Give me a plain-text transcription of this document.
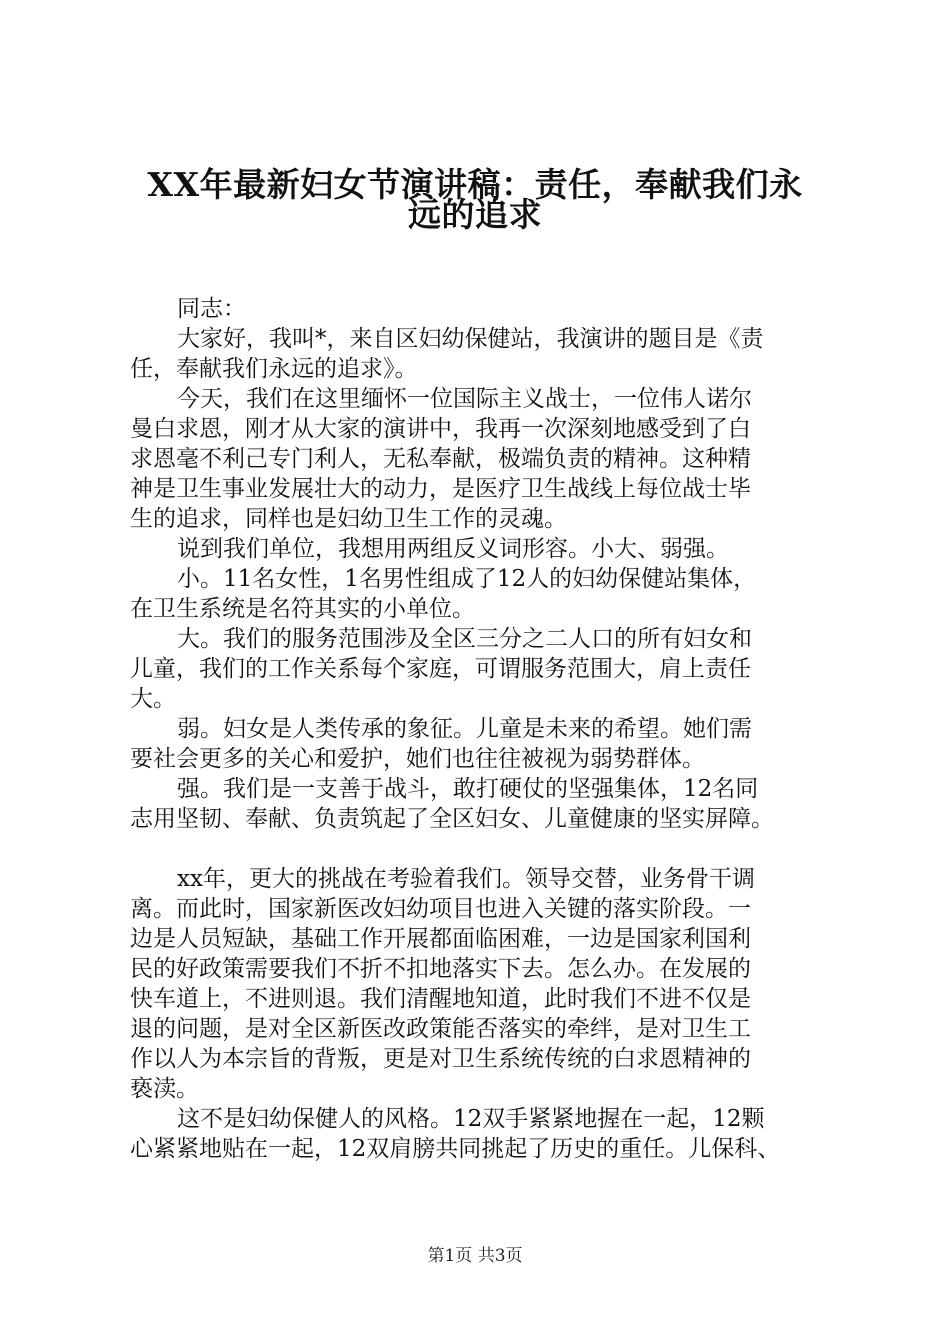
XX年最新妇女节演讲稿：责任，奉献我们永
远的追求
同志：
大家好，我叫*，来自区妇幼保健站，我演讲的题目是《责
任，奉献我们永远的追求》。
今天，我们在这里缅怀一位国际主义战士，一位伟人诺尔
曼白求恩，刚才从大家的演讲中，我再一次深刻地感受到了白
求恩毫不利己专门利人，无私奉献，极端负责的精神。这种精
神是卫生事业发展壮大的动力，是医疗卫生战线上每位战士毕
生的追求，同样也是妇幼卫生工作的灵魂。
说到我们单位，我想用两组反义词形容。小大、弱强。
小。11名女性，1名男性组成了12人的妇幼保健站集体，
在卫生系统是名符其实的小单位。
大。我们的服务范围涉及全区三分之二人口的所有妇女和
儿童，我们的工作关系每个家庭，可谓服务范围大，肩上责任
大。
弱。妇女是人类传承的象征。儿童是未来的希望。她们需
要社会更多的关心和爱护，她们也往往被视为弱势群体。
强。我们是一支善于战斗，敢打硬仗的坚强集体，12名同
志用坚韧、奉献、负责筑起了全区妇女、儿童健康的坚实屏障。
xx年，更大的挑战在考验着我们。领导交替，业务骨干调
离。而此时，国家新医改妇幼项目也进入关键的落实阶段。一
边是人员短缺，基础工作开展都面临困难，一边是国家利国利
民的好政策需要我们不折不扣地落实下去。怎么办。在发展的
快车道上，不进则退。我们清醒地知道，此时我们不进不仅是
退的问题，是对全区新医改政策能否落实的牵绊，是对卫生工
作以人为本宗旨的背叛，更是对卫生系统传统的白求恩精神的
亵渎。
这不是妇幼保健人的风格。12双手紧紧地握在一起，12颗
心紧紧地贴在一起，12双肩膀共同挑起了历史的重任。儿保科、
第1页 共3页
